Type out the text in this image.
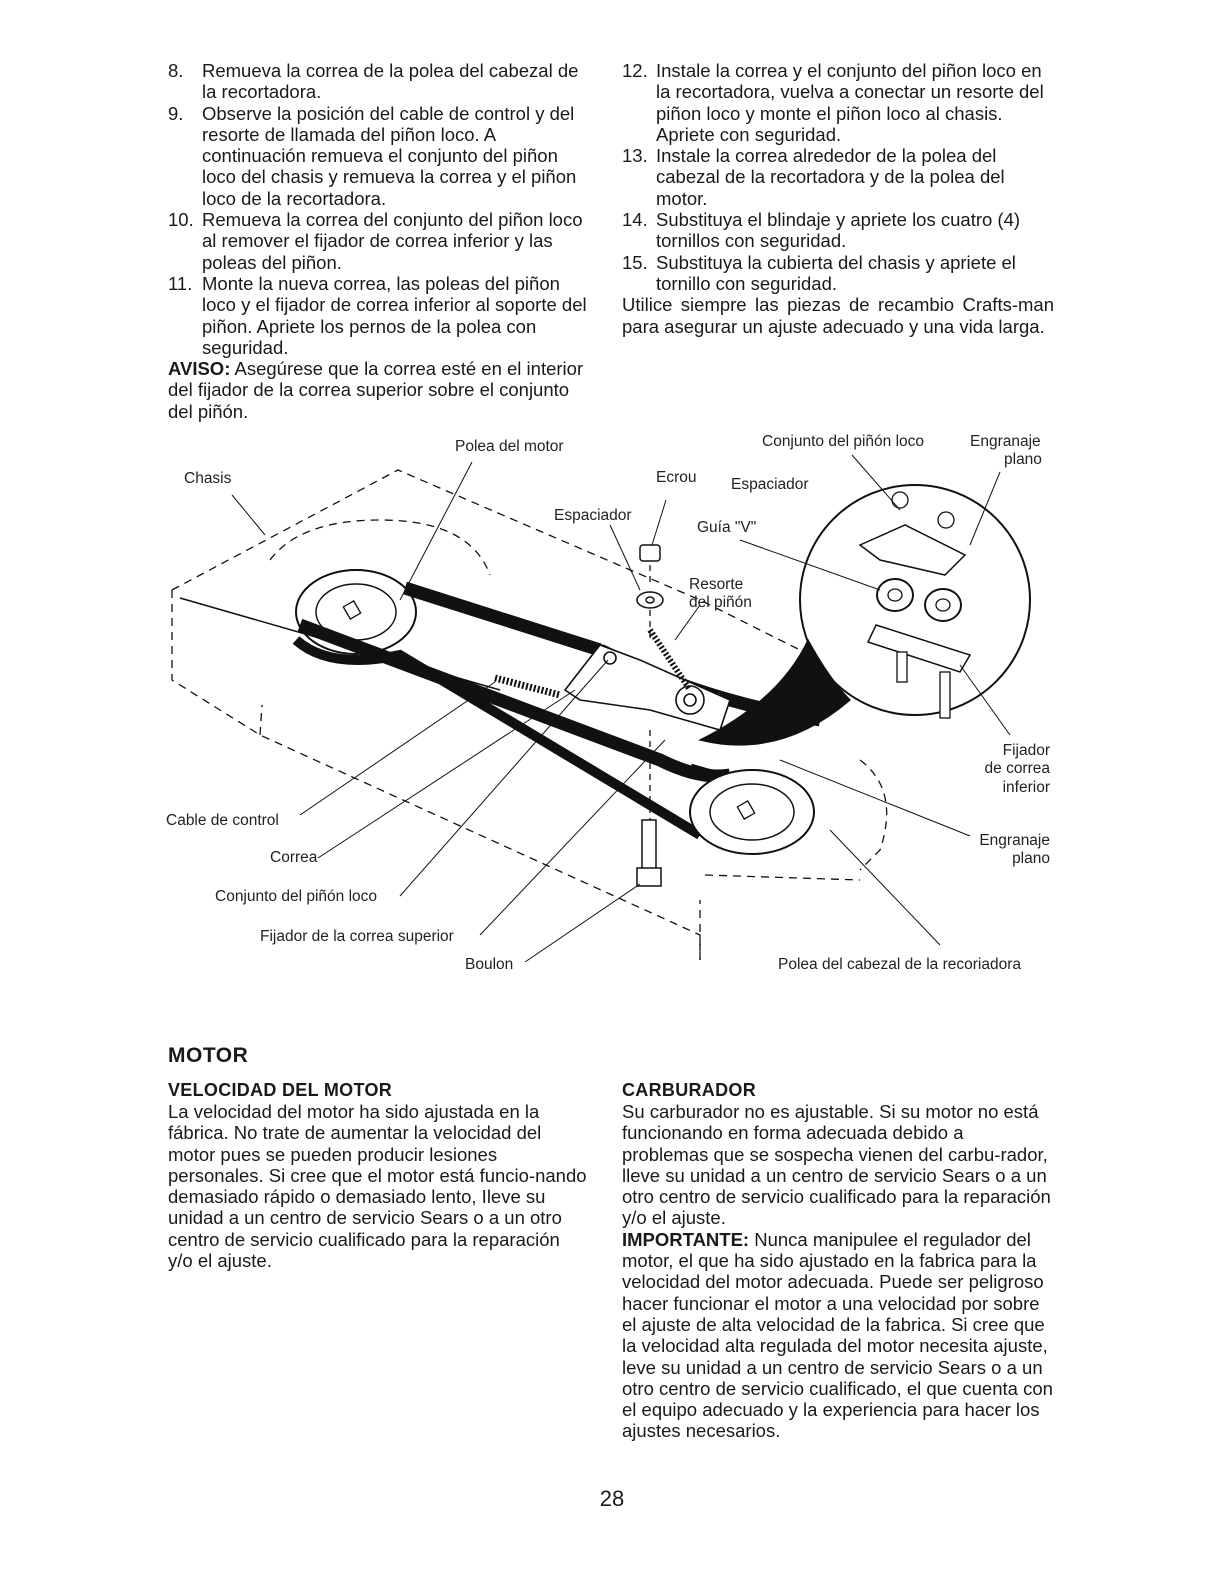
8.	Remueva la correa de la polea del cabezal de la recortadora.
9.	Observe la posición del cable de control y del resorte de llamada del piñon loco. A continuación remueva el conjunto del piñon loco del chasis y remueva la correa y el piñon loco de la recortadora.
10. Remueva la correa del conjunto del piñon loco al remover el fijador de correa inferior y las poleas del piñon.
11. Monte la nueva correa, las poleas del piñon loco y el fijador de correa inferior al soporte del piñon. Apriete los pernos de la polea con seguridad.
AVISO: Asegúrese que la correa esté en el interior del fijador de la correa superior sobre el conjunto del piñón.
12. Instale la correa y el conjunto del piñon loco en la recortadora, vuelva a conectar un resorte del piñon loco y monte el piñon loco al chasis. Apriete con seguridad.
13. Instale la correa alrededor de la polea del cabezal de la recortadora y de la polea del motor.
14. Substituya el blindaje y apriete los cuatro (4) tornillos con seguridad.
15. Substituya la cubierta del chasis y apriete el tornillo con seguridad.
Utilice siempre las piezas de recambio Crafts-man para asegurar un ajuste adecuado y una vida larga.
Polea del motor
Chasis
Conjunto del piñón loco	Engranaje
plano
Ecrou Espaciador
Espaciador
Guía "V"
Resorte
del piñón
Fijador
de correa
inferior
Engranaje
plano
Cable de control
Correa
Conjunto del piñón loco
Fijador de la correa superior
Boulon	Polea del cabezal de la recoriadora
MOTOR
VELOCIDAD DEL MOTOR
La velocidad del motor ha sido ajustada en la fábrica. No trate de aumentar la velocidad del motor pues se pueden producir lesiones personales. Si cree que el motor está funcio-nando demasiado rápido o demasiado lento, Ileve su unidad a un centro de servicio Sears o a un otro centro de servicio cualificado para la reparación y/o el ajuste.
CARBURADOR
Su carburador no es ajustable. Si su motor no está funcionando en forma adecuada debido a problemas que se sospecha vienen del carbu-rador, lleve su unidad a un centro de servicio Sears o a un otro centro de servicio cualificado para la reparación y/o el ajuste.
IMPORTANTE: Nunca manipulee el regulador del motor, el que ha sido ajustado en la fabrica para la velocidad del motor adecuada. Puede ser peligroso hacer funcionar el motor a una velocidad por sobre el ajuste de alta velocidad de la fabrica. Si cree que la velocidad alta regulada del motor necesita ajuste, leve su unidad a un centro de servicio Sears o a un otro centro de servicio cualificado, el que cuenta con el equipo adecuado y la experiencia para hacer los ajustes necesarios.
28
